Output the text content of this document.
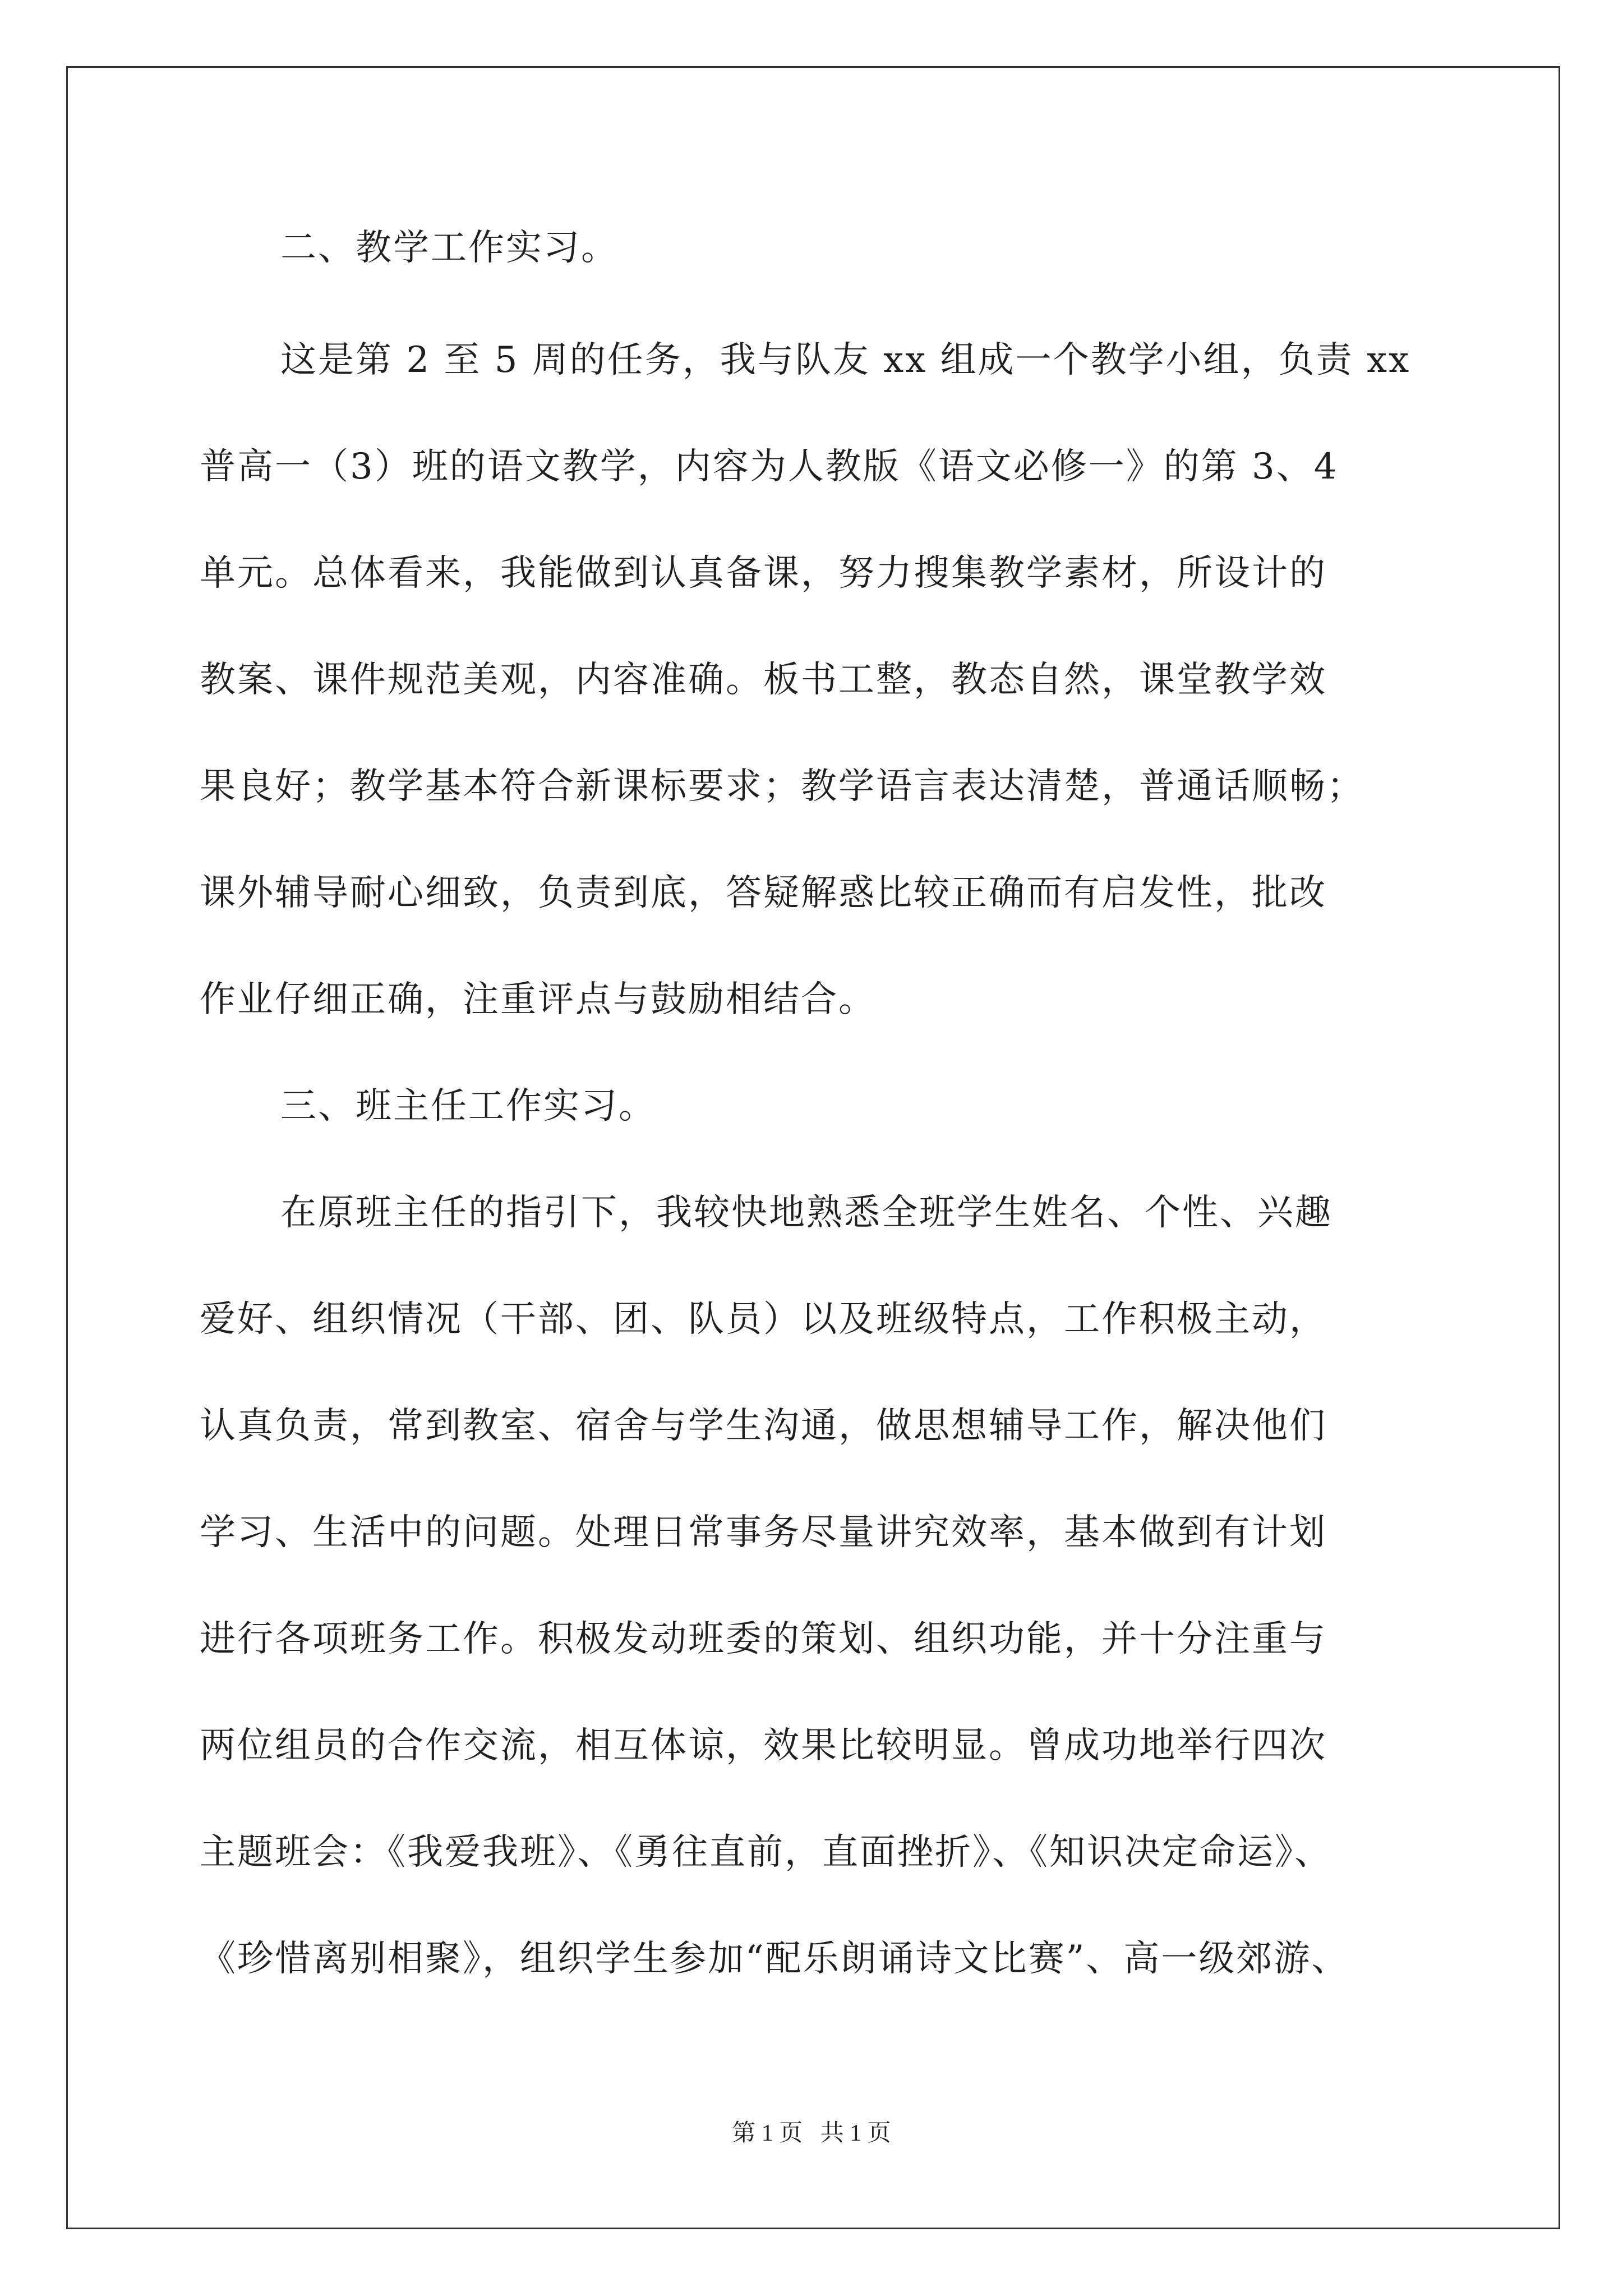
二、教学工作实习。
这是第 2 至 5 周的任务，我与队友 xx 组成一个教学小组，负责 xx
普高一（3）班的语文教学，内容为人教版《语文必修一》的第 3、4
单元。总体看来，我能做到认真备课，努力搜集教学素材，所设计的
教案、课件规范美观，内容准确。板书工整，教态自然，课堂教学效
果良好；教学基本符合新课标要求；教学语言表达清楚，普通话顺畅；
课外辅导耐心细致，负责到底，答疑解惑比较正确而有启发性，批改
作业仔细正确，注重评点与鼓励相结合。
三、班主任工作实习。
在原班主任的指引下，我较快地熟悉全班学生姓名、个性、兴趣
爱好、组织情况（干部、团、队员）以及班级特点，工作积极主动，
认真负责，常到教室、宿舍与学生沟通，做思想辅导工作，解决他们
学习、生活中的问题。处理日常事务尽量讲究效率，基本做到有计划
进行各项班务工作。积极发动班委的策划、组织功能，并十分注重与
两位组员的合作交流，相互体谅，效果比较明显。曾成功地举行四次
主题班会：《我爱我班》、《勇往直前，直面挫折》、《知识决定命运》、
《珍惜离别相聚》，组织学生参加“配乐朗诵诗文比赛”、高一级郊游、
第 1 页   共 1 页
